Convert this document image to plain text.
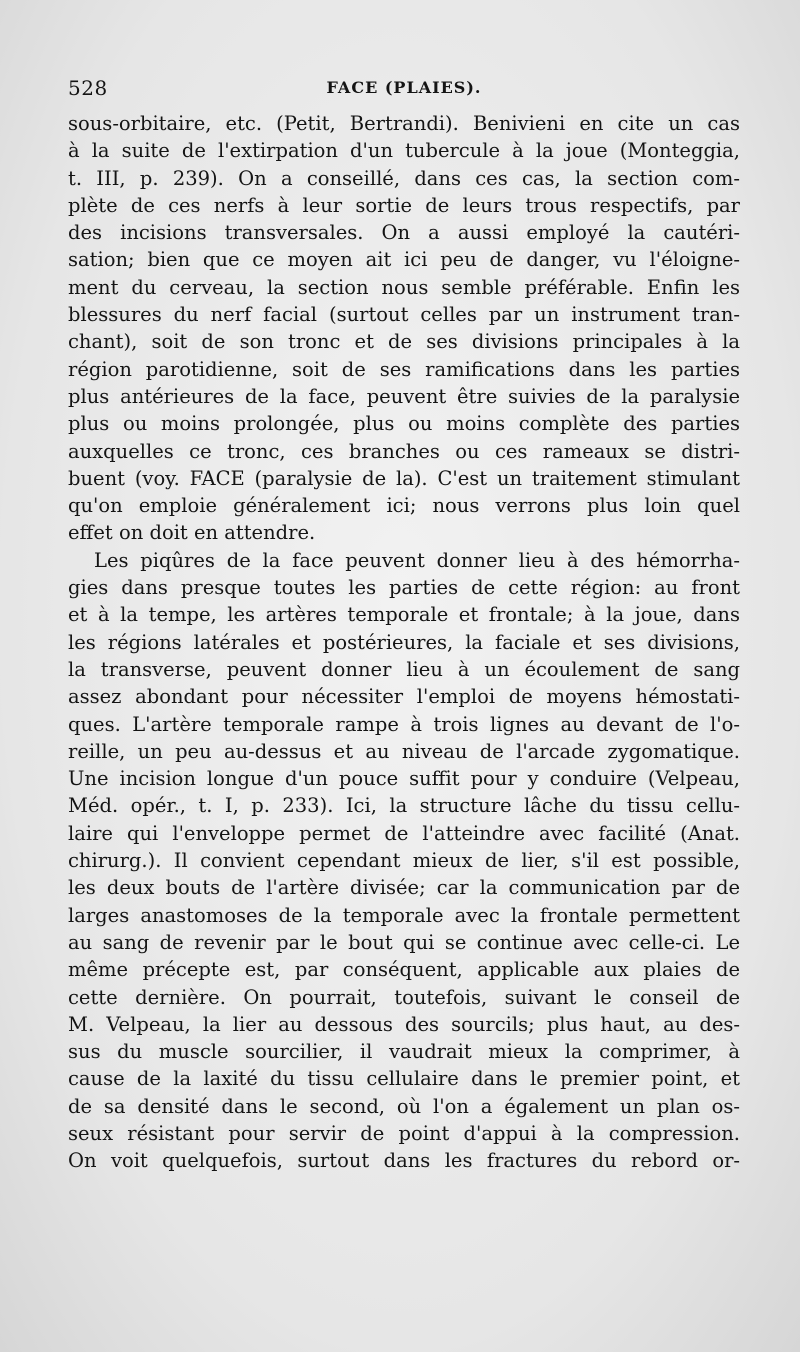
528	FACE (PLAIES).
sous-orbitaire, etc. (Petit, Bertrandi). Benivieni en cite un cas
à la suite de l'extirpation d'un tubercule à la joue (Monteggia,
t. III, p. 239). On a conseillé, dans ces cas, la section com-
plète de ces nerfs à leur sortie de leurs trous respectifs, par
des incisions transversales. On a aussi employé la cautéri-
sation; bien que ce moyen ait ici peu de danger, vu l'éloigne-
ment du cerveau, la section nous semble préférable. Enfin les
blessures du nerf facial (surtout celles par un instrument tran-
chant), soit de son tronc et de ses divisions principales à la
région parotidienne, soit de ses ramifications dans les parties
plus antérieures de la face, peuvent être suivies de la paralysie
plus ou moins prolongée, plus ou moins complète des parties
auxquelles ce tronc, ces branches ou ces rameaux se distri-
buent (voy. FACE (paralysie de la). C'est un traitement stimulant
qu'on emploie généralement ici; nous verrons plus loin quel
effet on doit en attendre.
Les piqûres de la face peuvent donner lieu à des hémorrha-
gies dans presque toutes les parties de cette région: au front
et à la tempe, les artères temporale et frontale; à la joue, dans
les régions latérales et postérieures, la faciale et ses divisions,
la transverse, peuvent donner lieu à un écoulement de sang
assez abondant pour nécessiter l'emploi de moyens hémostati-
ques. L'artère temporale rampe à trois lignes au devant de l'o-
reille, un peu au-dessus et au niveau de l'arcade zygomatique.
Une incision longue d'un pouce suffit pour y conduire (Velpeau,
Méd. opér., t. I, p. 233). Ici, la structure lâche du tissu cellu-
laire qui l'enveloppe permet de l'atteindre avec facilité (Anat.
chirurg.). Il convient cependant mieux de lier, s'il est possible,
les deux bouts de l'artère divisée; car la communication par de
larges anastomoses de la temporale avec la frontale permettent
au sang de revenir par le bout qui se continue avec celle-ci. Le
même précepte est, par conséquent, applicable aux plaies de
cette dernière. On pourrait, toutefois, suivant le conseil de
M. Velpeau, la lier au dessous des sourcils; plus haut, au des-
sus du muscle sourcilier, il vaudrait mieux la comprimer, à
cause de la laxité du tissu cellulaire dans le premier point, et
de sa densité dans le second, où l'on a également un plan os-
seux résistant pour servir de point d'appui à la compression.
On voit quelquefois, surtout dans les fractures du rebord or-
